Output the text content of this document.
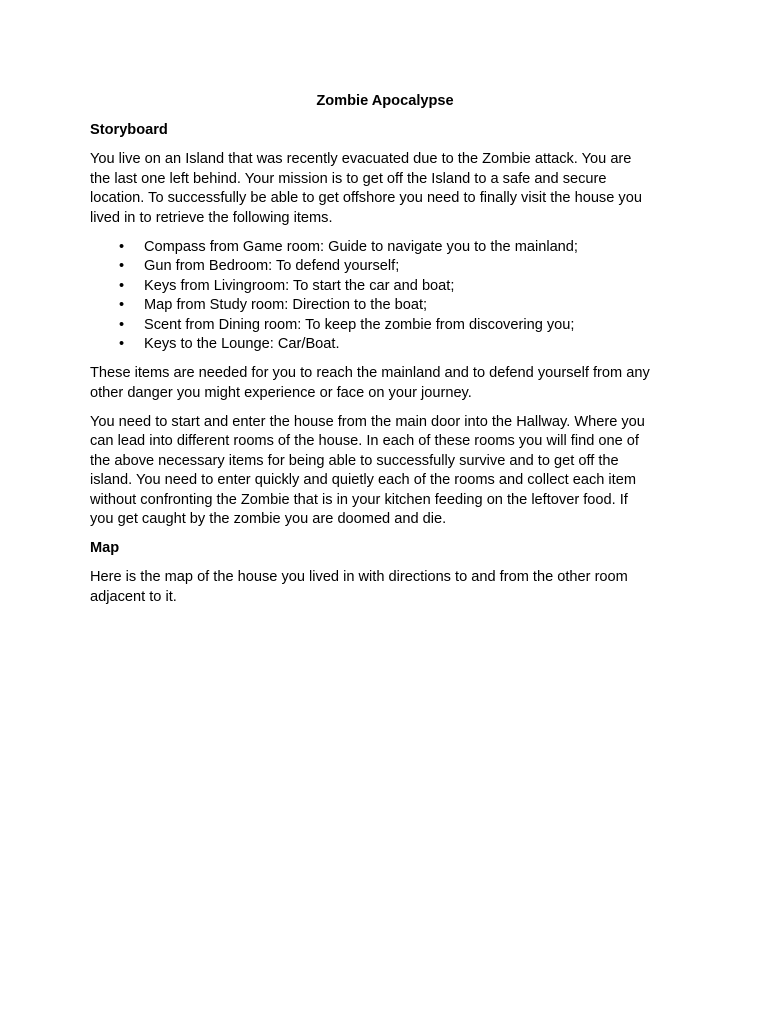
Zombie Apocalypse
Storyboard

You live on an Island that was recently evacuated due to the Zombie attack. You are
the last one left behind. Your mission is to get off the Island to a safe and secure
location. To successfully be able to get offshore you need to finally visit the house you
lived in to retrieve the following items.

• Compass from Game room: Guide to navigate you to the mainland;
• Gun from Bedroom: To defend yourself;
• Keys from Livingroom: To start the car and boat;
• Map from Study room: Direction to the boat;
• Scent from Dining room: To keep the zombie from discovering you;
• Keys to the Lounge: Car/Boat.

These items are needed for you to reach the mainland and to defend yourself from any
other danger you might experience or face on your journey.

You need to start and enter the house from the main door into the Hallway. Where you
can lead into different rooms of the house. In each of these rooms you will find one of
the above necessary items for being able to successfully survive and to get off the
island. You need to enter quickly and quietly each of the rooms and collect each item
without confronting the Zombie that is in your kitchen feeding on the leftover food. If
you get caught by the zombie you are doomed and die.

Map

Here is the map of the house you lived in with directions to and from the other room
adjacent to it.
